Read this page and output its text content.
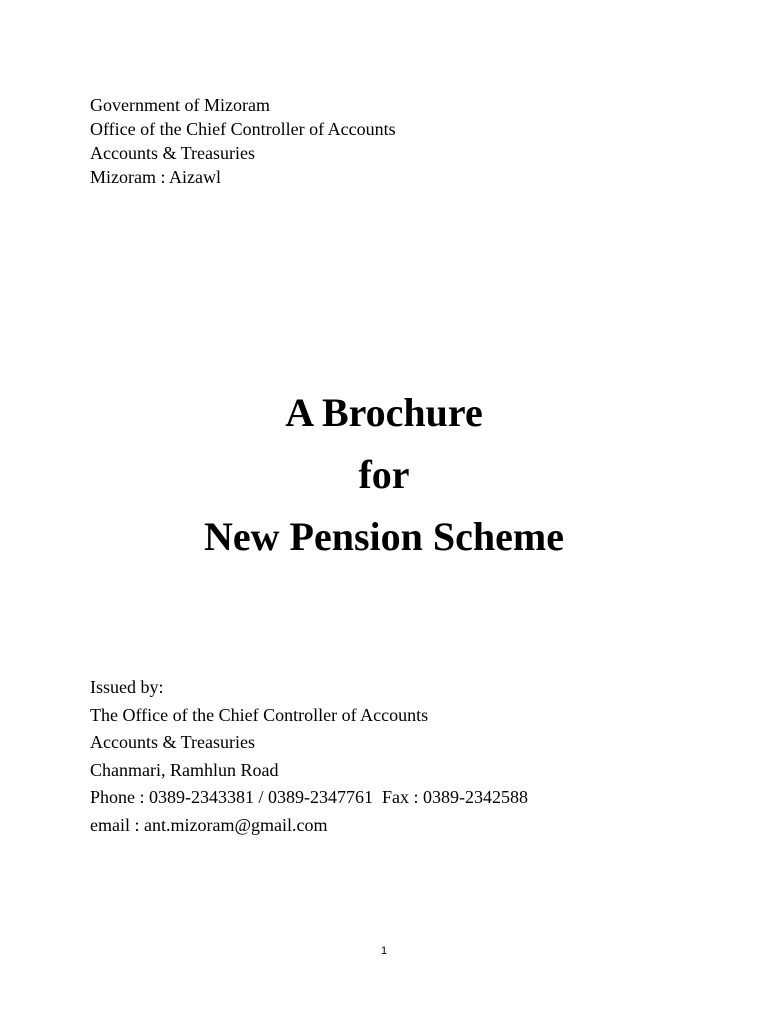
Government of Mizoram
Office of the Chief Controller of Accounts
Accounts & Treasuries
Mizoram : Aizawl
A Brochure
for
New Pension Scheme
Issued by:
The Office of the Chief Controller of Accounts
Accounts & Treasuries
Chanmari, Ramhlun Road
Phone : 0389-2343381 / 0389-2347761  Fax : 0389-2342588
email : ant.mizoram@gmail.com
1
